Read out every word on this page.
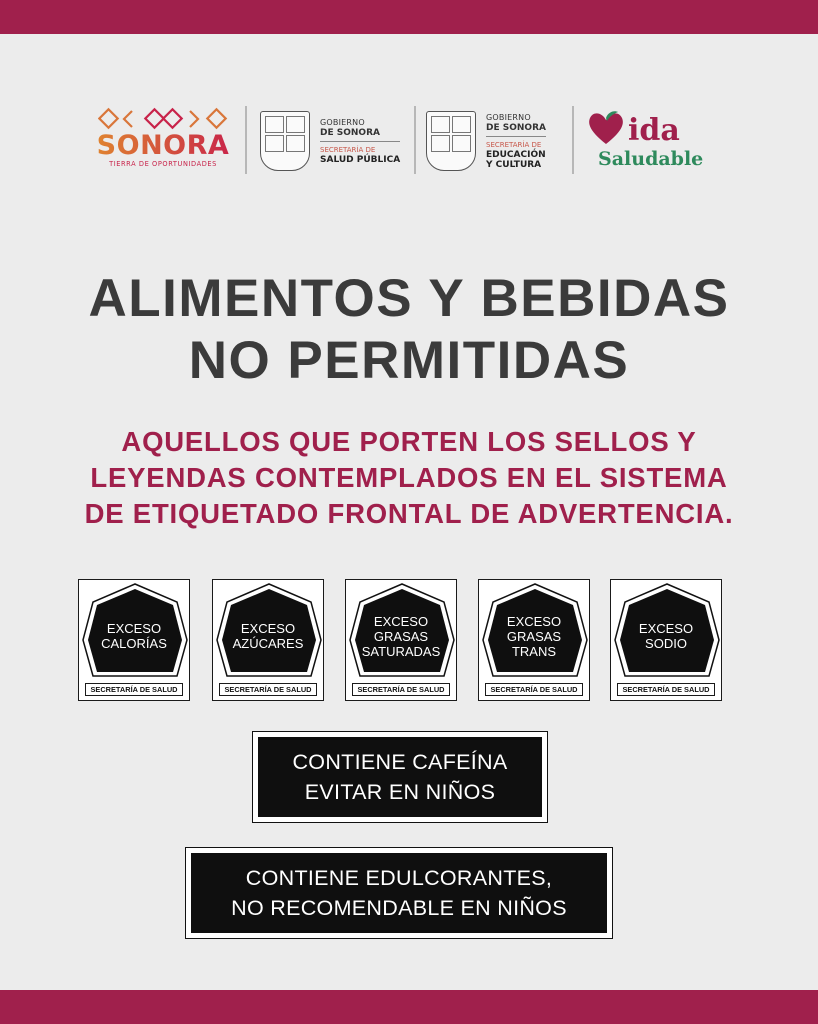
SONORA
TIERRA DE OPORTUNIDADES
GOBIERNO
DE SONORA
SECRETARÍA DE
SALUD PÚBLICA
GOBIERNO
DE SONORA
SECRETARÍA DE
EDUCACIÓN
Y CULTURA
ida
Saludable
ALIMENTOS Y BEBIDAS
NO PERMITIDAS
AQUELLOS QUE PORTEN LOS SELLOS Y
LEYENDAS CONTEMPLADOS EN EL SISTEMA
DE ETIQUETADO FRONTAL DE ADVERTENCIA.
EXCESO
CALORÍAS
SECRETARÍA DE SALUD
EXCESO
AZÚCARES
SECRETARÍA DE SALUD
EXCESO
GRASAS
SATURADAS
SECRETARÍA DE SALUD
EXCESO
GRASAS
TRANS
SECRETARÍA DE SALUD
EXCESO
SODIO
SECRETARÍA DE SALUD
CONTIENE CAFEÍNA
EVITAR EN NIÑOS
CONTIENE EDULCORANTES,
NO RECOMENDABLE EN NIÑOS
